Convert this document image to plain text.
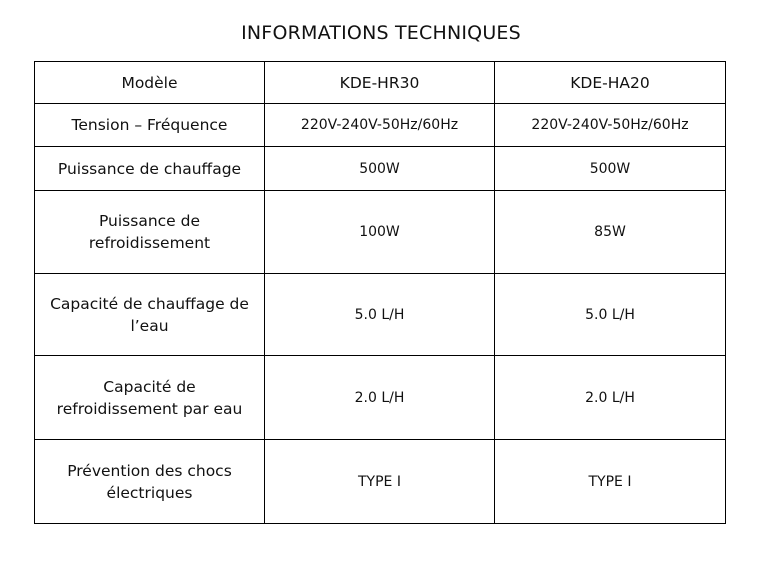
INFORMATIONS TECHNIQUES
Modèle	KDE-HR30	KDE-HA20
Tension – Fréquence	220V-240V-50Hz/60Hz	220V-240V-50Hz/60Hz
Puissance de chauffage	500W	500W

Puissance de
refroidissement	100W	85W

Capacité de chauffage de
l’eau	5.0 L/H	5.0 L/H

Capacité de
refroidissement par eau	2.0 L/H	2.0 L/H

Prévention des chocs
électriques	TYPE I	TYPE I
